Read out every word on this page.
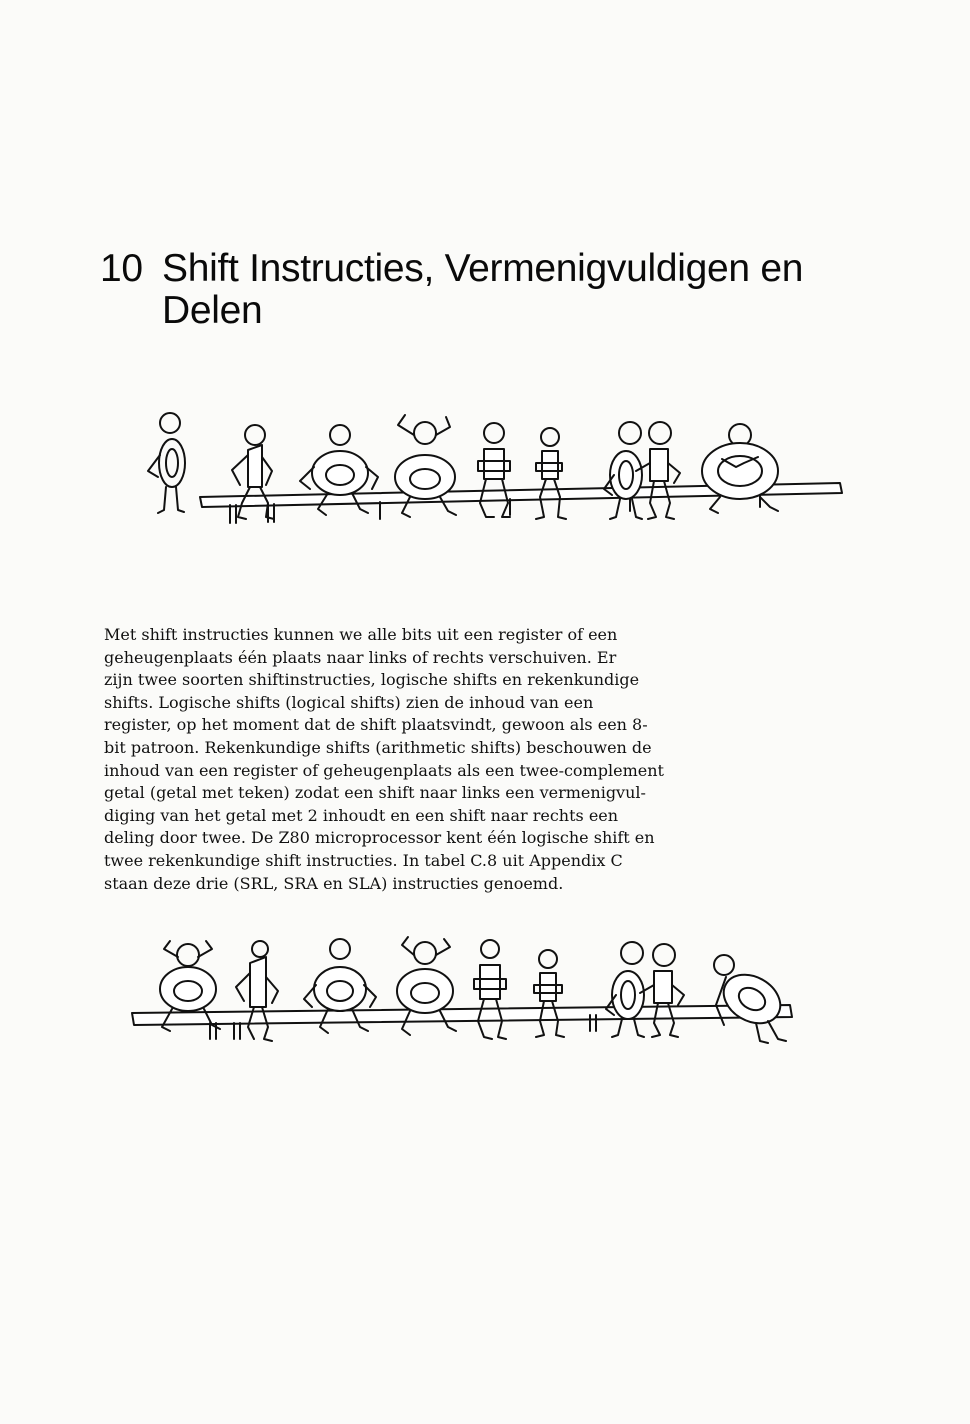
10 Shift Instructies, Vermenigvuldigen en
Delen
Met shift instructies kunnen we alle bits uit een register of een
geheugenplaats één plaats naar links of rechts verschuiven. Er
zijn twee soorten shiftinstructies, logische shifts en rekenkundige
shifts. Logische shifts (logical shifts) zien de inhoud van een
register, op het moment dat de shift plaatsvindt, gewoon als een 8-
bit patroon. Rekenkundige shifts (arithmetic shifts) beschouwen de
inhoud van een register of geheugenplaats als een twee-complement
getal (getal met teken) zodat een shift naar links een vermenigvul-
diging van het getal met 2 inhoudt en een shift naar rechts een
deling door twee. De Z80 microprocessor kent één logische shift en
twee rekenkundige shift instructies. In tabel C.8 uit Appendix C
staan deze drie (SRL, SRA en SLA) instructies genoemd.
